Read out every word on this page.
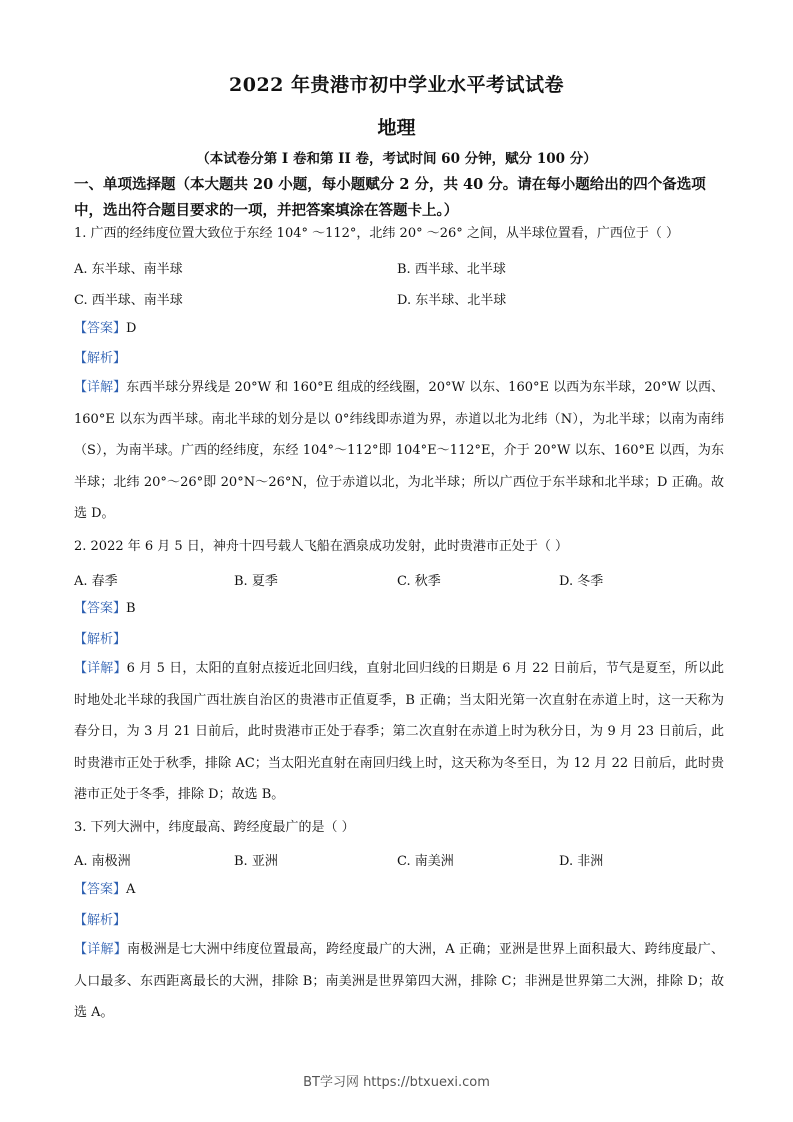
2022 年贵港市初中学业水平考试试卷
地理
（本试卷分第 I 卷和第 II 卷，考试时间 60 分钟，赋分 100 分）
一、单项选择题（本大题共 20 小题，每小题赋分 2 分，共 40 分。请在每小题给出的四个备选项中，选出符合题目要求的一项，并把答案填涂在答题卡上。）
1. 广西的经纬度位置大致位于东经 104° ～112°，北纬 20° ～26° 之间，从半球位置看，广西位于（ ）
A. 东半球、南半球	B. 西半球、北半球
C. 西半球、南半球	D. 东半球、北半球
【答案】D
【解析】
【详解】东西半球分界线是 20°W 和 160°E 组成的经线圈，20°W 以东、160°E 以西为东半球，20°W 以西、160°E 以东为西半球。南北半球的划分是以 0°纬线即赤道为界，赤道以北为北纬（N），为北半球；以南为南纬（S），为南半球。广西的经纬度，东经 104°～112°即 104°E～112°E，介于 20°W 以东、160°E 以西，为东半球；北纬 20°～26°即 20°N～26°N，位于赤道以北，为北半球；所以广西位于东半球和北半球；D 正确。故选 D。
2. 2022 年 6 月 5 日，神舟十四号载人飞船在酒泉成功发射，此时贵港市正处于（ ）
A. 春季	B. 夏季	C. 秋季	D. 冬季
【答案】B
【解析】
【详解】6 月 5 日，太阳的直射点接近北回归线，直射北回归线的日期是 6 月 22 日前后，节气是夏至，所以此时地处北半球的我国广西壮族自治区的贵港市正值夏季，B 正确；当太阳光第一次直射在赤道上时，这一天称为春分日，为 3 月 21 日前后，此时贵港市正处于春季；第二次直射在赤道上时为秋分日，为 9 月 23 日前后，此时贵港市正处于秋季，排除 AC；当太阳光直射在南回归线上时，这天称为冬至日，为 12 月 22 日前后，此时贵港市正处于冬季，排除 D；故选 B。
3. 下列大洲中，纬度最高、跨经度最广的是（ ）
A. 南极洲	B. 亚洲	C. 南美洲	D. 非洲
【答案】A
【解析】
【详解】南极洲是七大洲中纬度位置最高，跨经度最广的大洲，A 正确；亚洲是世界上面积最大、跨纬度最广、人口最多、东西距离最长的大洲，排除 B；南美洲是世界第四大洲，排除 C；非洲是世界第二大洲，排除 D；故选 A。
BT学习网 https://btxuexi.com
